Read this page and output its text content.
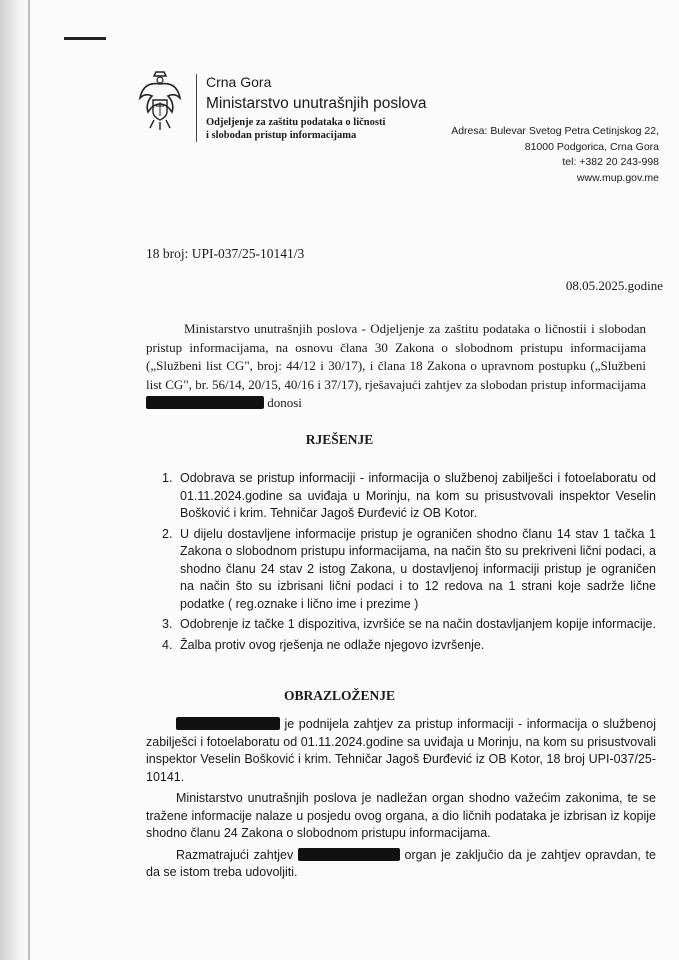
Crna Gora
Ministarstvo unutrašnjih poslova
Odjeljenje za zaštitu podataka o ličnosti
i slobodan pristup informacijama	Adresa: Bulevar Svetog Petra Cetinjskog 22,
81000 Podgorica, Crna Gora
tel: +382 20 243-998
www.mup.gov.me
18 broj: UPI-037/25-10141/3
08.05.2025.godine

Ministarstvo unutrašnjih poslova - Odjeljenje za zaštitu podataka o ličnostii i slobodan pristup informacijama, na osnovu člana 30 Zakona o slobodnom pristupu informacijama („Službeni list CG", broj: 44/12 i 30/17), i člana 18 Zakona o upravnom postupku („Službeni list CG", br. 56/14, 20/15, 40/16 i 37/17), rješavajući zahtjev za slobodan pristup informacijama  donosi

RJEŠENJE
1. Odobrava se pristup informaciji - informacija o službenoj zabilješci i fotoelaboratu od 01.11.2024.godine sa uviđaja u Morinju, na kom su prisustvovali inspektor Veselin Bošković i krim. Tehničar Jagoš Đurđević iz OB Kotor.
2. U dijelu dostavljene informacije pristup je ograničen shodno članu 14 stav 1 tačka 1 Zakona o slobodnom pristupu informacijama, na način što su prekriveni lični podaci, a shodno članu 24 stav 2 istog Zakona, u dostavljenoj informaciji pristup je ograničen na način što su izbrisani lični podaci i to 12 redova na 1 strani koje sadrže lične podatke ( reg.oznake i lično ime i prezime )
3. Odobrenje iz tačke 1 dispozitiva, izvršiće se na način dostavljanjem kopije informacije.
4. Žalba protiv ovog rješenja ne odlaže njegovo izvršenje.
OBRAZLOŽENJE

je podnijela zahtjev za pristup informaciji - informacija o službenoj zabilješci i fotoelaboratu od 01.11.2024.godine sa uviđaja u Morinju, na kom su prisustvovali inspektor Veselin Bošković i krim. Tehničar Jagoš Đurđević iz OB Kotor, 18 broj UPI-037/25-10141.

Ministarstvo unutrašnjih poslova je nadležan organ shodno važećim zakonima, te se tražene informacije nalaze u posjedu ovog organa, a dio ličnih podataka je izbrisan iz kopije shodno članu 24 Zakona o slobodnom pristupu informacijama.

Razmatrajući zahtjev	organ je zaključio da je zahtjev opravdan, te da se istom treba udovoljiti.
